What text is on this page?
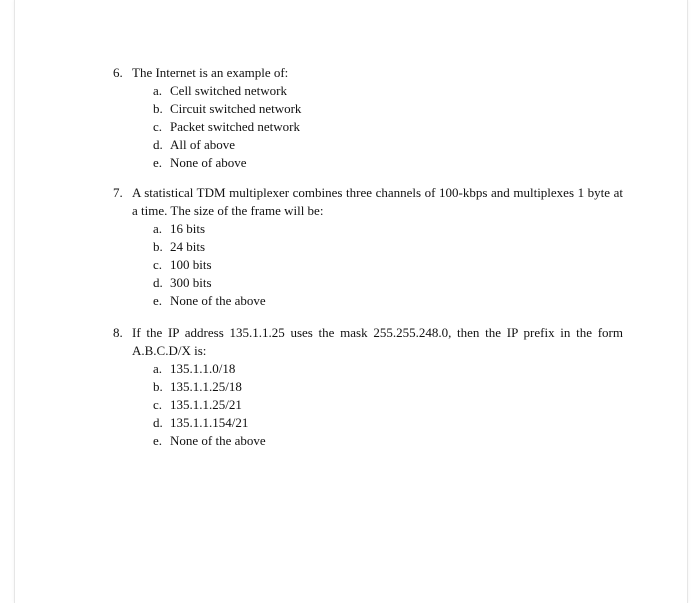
6. The Internet is an example of:
a. Cell switched network
b. Circuit switched network
c. Packet switched network
d. All of above
e. None of above
7. A statistical TDM multiplexer combines three channels of 100-kbps and multiplexes 1 byte at a time. The size of the frame will be:
a. 16 bits
b. 24 bits
c. 100 bits
d. 300 bits
e. None of the above
8. If the IP address 135.1.1.25 uses the mask 255.255.248.0, then the IP prefix in the form A.B.C.D/X is:
a. 135.1.1.0/18
b. 135.1.1.25/18
c. 135.1.1.25/21
d. 135.1.1.154/21
e. None of the above
